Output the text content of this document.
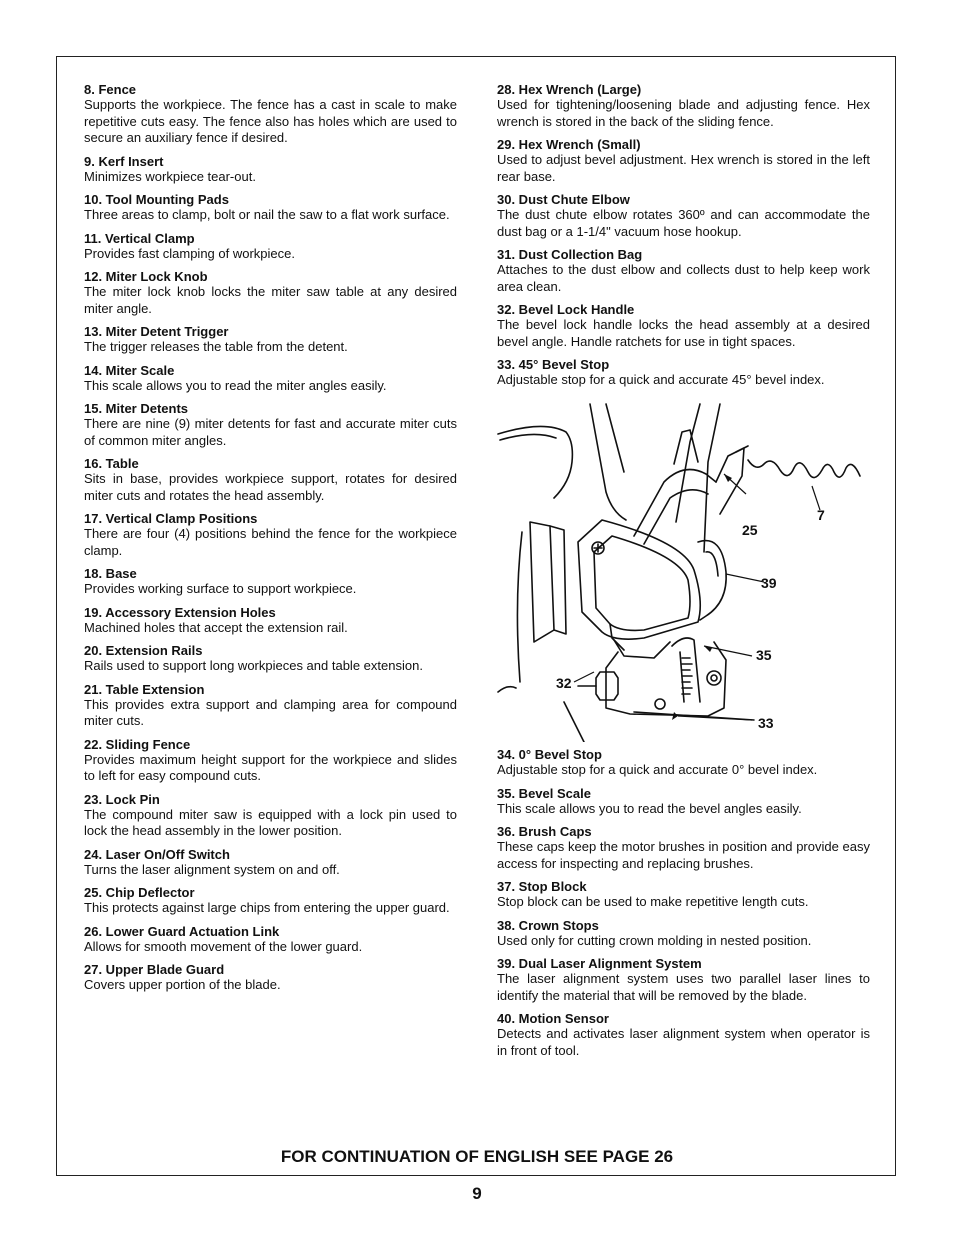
8. Fence
Supports the workpiece. The fence has a cast in scale to make repetitive cuts easy. The fence also has holes which are used to secure an auxiliary fence if desired.
9. Kerf Insert
Minimizes workpiece tear-out.
10. Tool Mounting Pads
Three areas to clamp, bolt or nail the saw to a flat work surface.
11. Vertical Clamp
Provides fast clamping of workpiece.
12. Miter Lock Knob
The miter lock knob locks the miter saw table at any desired miter angle.
13. Miter Detent Trigger
The trigger releases the table from the detent.
14. Miter Scale
This scale allows you to read the miter angles easily.
15. Miter Detents
There are nine (9) miter detents for fast and accurate miter cuts of common miter angles.
16. Table
Sits in base, provides workpiece support, rotates for desired miter cuts and rotates the head assembly.
17. Vertical Clamp Positions
There are four (4) positions behind the fence for the workpiece clamp.
18. Base
Provides working surface to support workpiece.
19. Accessory Extension Holes
Machined holes that accept the extension rail.
20. Extension Rails
Rails used to support long workpieces and table extension.
21. Table Extension
This provides extra support and clamping area for compound miter cuts.
22. Sliding Fence
Provides maximum height support for the workpiece and slides to left for easy compound cuts.
23. Lock Pin
The compound miter saw is equipped with a lock pin used to lock the head assembly in the lower position.
24. Laser On/Off Switch
Turns the laser alignment system on and off.
25. Chip Deflector
This protects against large chips from entering the upper guard.
26. Lower Guard Actuation Link
Allows for smooth movement of the lower guard.
27. Upper Blade Guard
Covers upper portion of the blade.
28. Hex Wrench (Large)
Used for tightening/loosening blade and adjusting fence. Hex wrench is stored in the back of the sliding fence.
29. Hex Wrench (Small)
Used to adjust bevel adjustment. Hex wrench is stored in the left rear base.
30. Dust Chute Elbow
The dust chute elbow rotates 360º and can accommodate the dust bag or a 1-1/4" vacuum hose hookup.
31. Dust Collection Bag
Attaches to the dust elbow and collects dust to help keep work area clean.
32. Bevel Lock Handle
The bevel lock handle locks the head assembly at a desired bevel angle. Handle ratchets for use in tight spaces.
33. 45° Bevel Stop
Adjustable stop for a quick and accurate 45° bevel index.
34. 0° Bevel Stop
Adjustable stop for a quick and accurate 0° bevel index.
35. Bevel Scale
This scale allows you to read the bevel angles easily.
36. Brush Caps
These caps keep the motor brushes in position and provide easy access for inspecting and replacing brushes.
37. Stop Block
Stop block can be used to make repetitive length cuts.
38. Crown Stops
Used only for cutting crown molding in nested position.
39. Dual Laser Alignment System
The laser alignment system uses two parallel laser lines to identify the material that will be removed by the blade.
40. Motion Sensor
Detects and activates laser alignment system when operator is in front of tool.
25
7
39
35
32
33
FOR CONTINUATION OF ENGLISH SEE PAGE 26
9
